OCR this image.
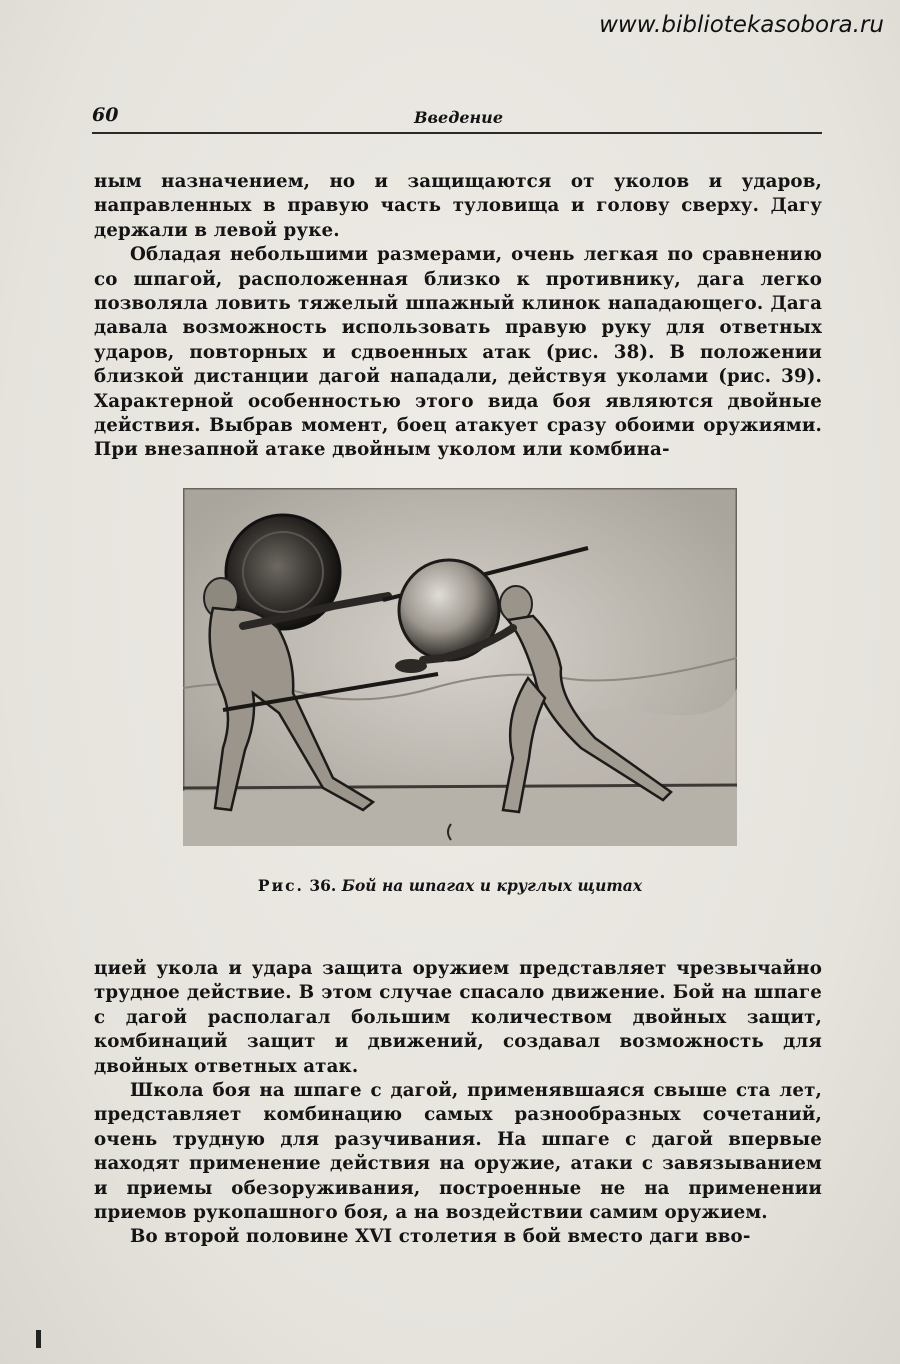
www.bibliotekasobora.ru
60	Введение

ным назначением, но и защищаются от уколов и ударов, направленных в правую часть туловища и голову сверху. Дагу держали в левой руке.

Обладая небольшими размерами, очень легкая по сравнению со шпагой, расположенная близко к противнику, дага легко позволяла ловить тяжелый шпажный клинок нападающего. Дага давала возможность использовать правую руку для ответных ударов, повторных и сдвоенных атак (рис. 38). В положении близкой дистанции дагой нападали, действуя уколами (рис. 39). Характерной особенностью этого вида боя являются двойные действия. Выбрав момент, боец атакует сразу обоими оружиями. При внезапной атаке двойным уколом или комбина-

Рис. 36. Бой на шпагах и круглых щитах

цией укола и удара защита оружием представляет чрезвычайно трудное действие. В этом случае спасало движение. Бой на шпаге с дагой располагал большим количеством двойных защит, комбинаций защит и движений, создавал возможность для двойных ответных атак.

Школа боя на шпаге с дагой, применявшаяся свыше ста лет, представляет комбинацию самых разнообразных сочетаний, очень трудную для разучивания. На шпаге с дагой впервые находят применение действия на оружие, атаки с завязыванием и приемы обезоруживания, построенные не на применении приемов рукопашного боя, а на воздействии самим оружием.

Во второй половине XVI столетия в бой вместо даги вво-
